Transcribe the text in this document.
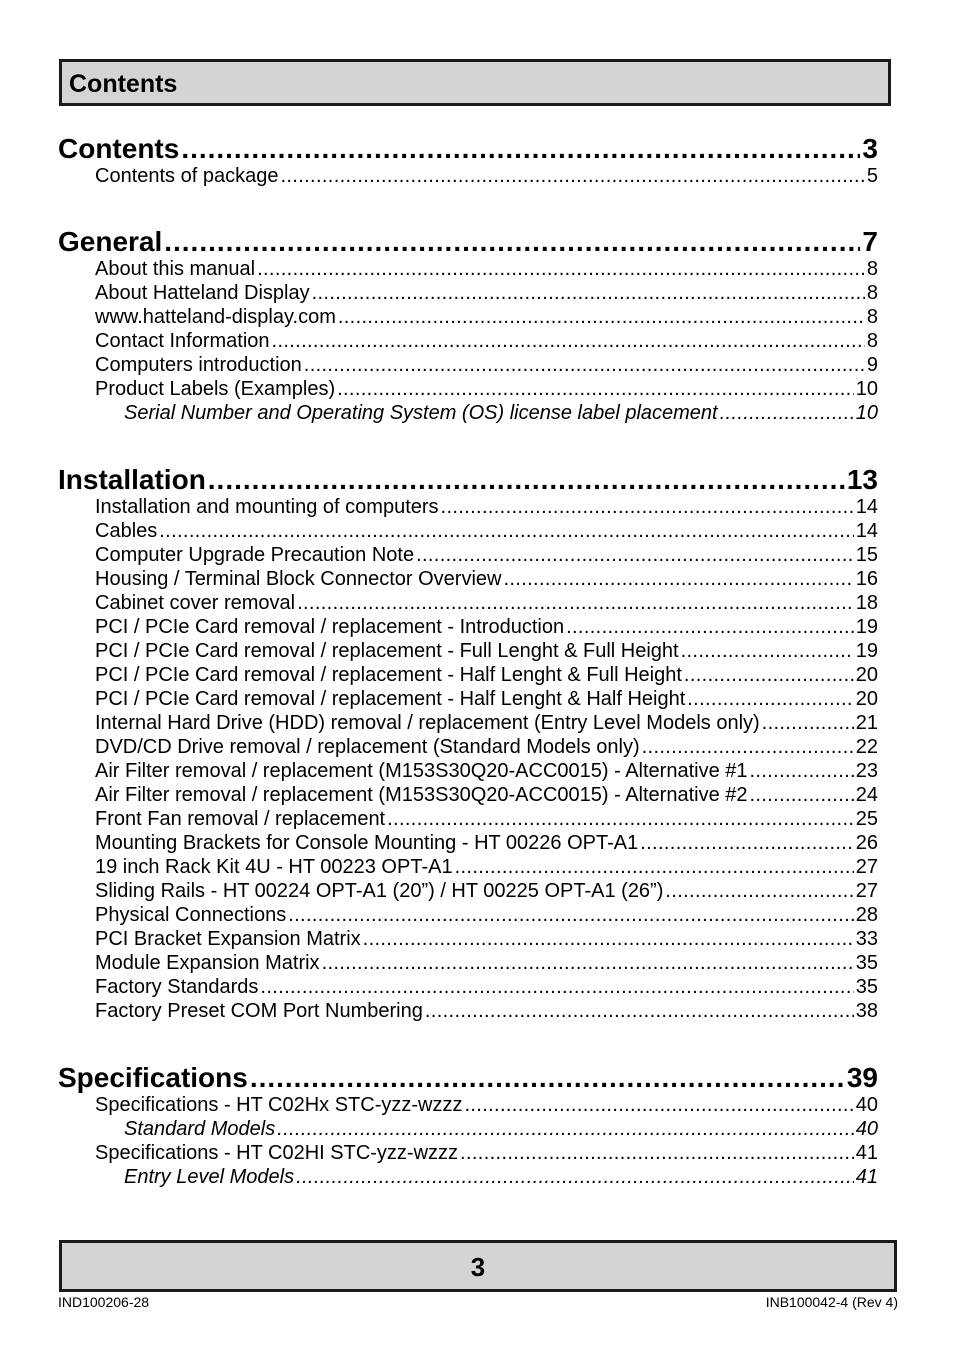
Contents
Contents . . .	3
Contents of package . . .	5
General . . .	7
About this manual . . .	8
About Hatteland Display . . .	8
www.hatteland-display.com . . .	8
Contact Information . . .	8
Computers introduction . . .	9
Product Labels (Examples) . . .	10
Serial Number and Operating System (OS) license label placement . . .	10
Installation . . .	13
Installation and mounting of computers . . .	14
Cables . . .	14
Computer Upgrade Precaution Note . . .	15
Housing / Terminal Block Connector Overview . . .	16
Cabinet cover removal . . .	18
PCI / PCIe Card removal / replacement - Introduction . . .	19
PCI / PCIe Card removal / replacement - Full Lenght & Full Height . . .	19
PCI / PCIe Card removal / replacement - Half Lenght & Full Height . . .	20
PCI / PCIe Card removal / replacement - Half Lenght & Half Height . . .	20
Internal Hard Drive (HDD) removal / replacement (Entry Level Models only) . . .	21
DVD/CD Drive removal / replacement (Standard Models only) . . .	22
Air Filter removal / replacement (M153S30Q20-ACC0015) - Alternative #1 . . .	23
Air Filter removal / replacement (M153S30Q20-ACC0015) - Alternative #2 . . .	24
Front Fan removal / replacement . . .	25
Mounting Brackets for Console Mounting - HT 00226 OPT-A1 . . .	26
19 inch Rack Kit 4U - HT 00223 OPT-A1 . . .	27
Sliding Rails - HT 00224 OPT-A1 (20”) / HT 00225 OPT-A1 (26”) . . .	27
Physical Connections . . .	28
PCI Bracket Expansion Matrix . . .	33
Module Expansion Matrix . . .	35
Factory Standards . . .	35
Factory Preset COM Port Numbering . . .	38
Specifications . . .	39
Specifications - HT C02Hx STC-yzz-wzzz . . .	40
Standard Models . . .	40
Specifications - HT C02HI STC-yzz-wzzz . . .	41
Entry Level Models . . .	41
3
IND100206-28	INB100042-4 (Rev 4)
